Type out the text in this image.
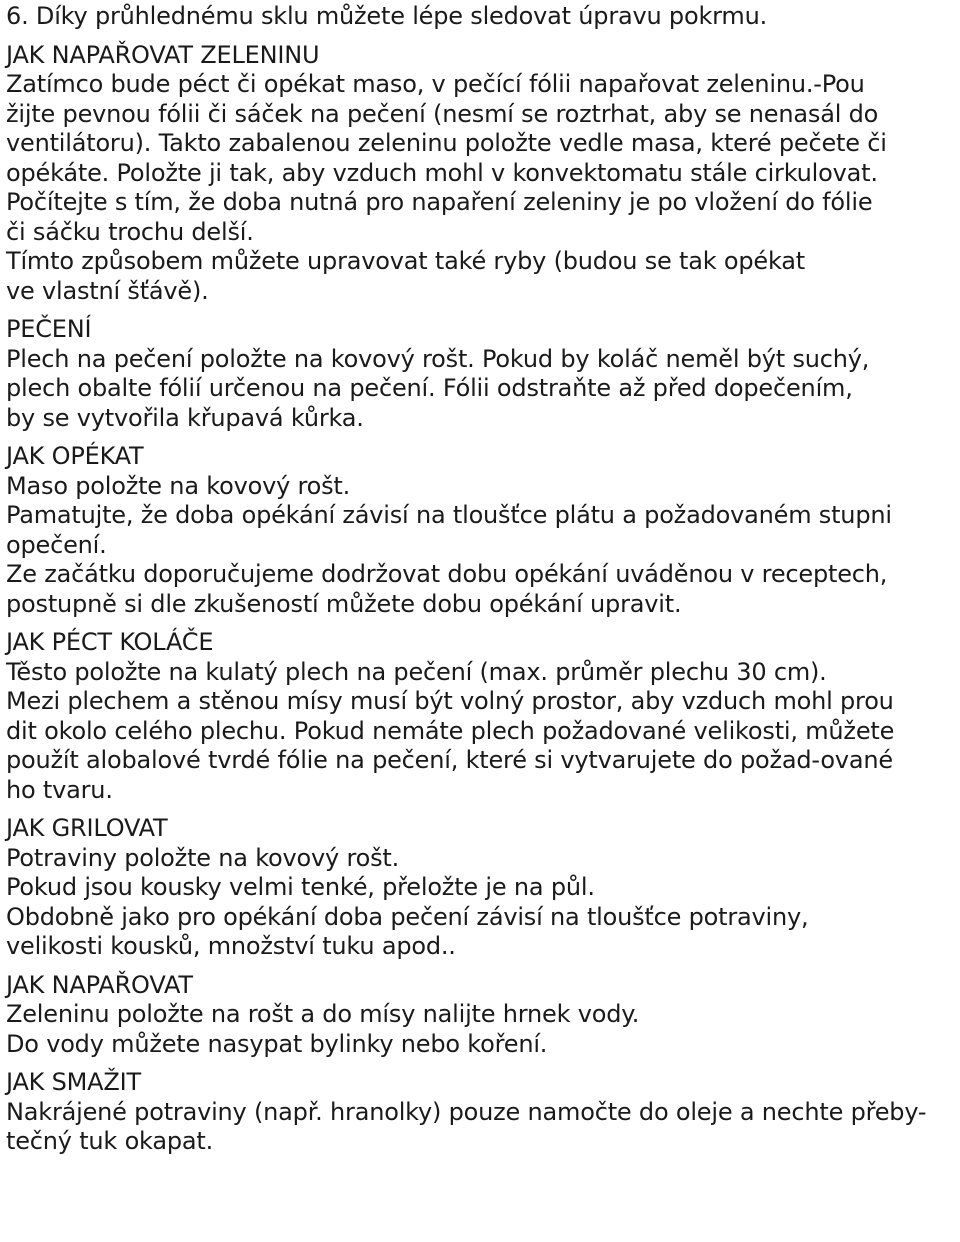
6. Díky průhlednému sklu můžete lépe sledovat úpravu pokrmu.
JAK NAPAŘOVAT ZELENINU
Zatímco bude péct či opékat maso, v pečící fólii napařovat zeleninu.-Pou
žijte pevnou fólii či sáček na pečení (nesmí se roztrhat, aby se nenasál do
ventilátoru). Takto zabalenou zeleninu položte vedle masa, které pečete či
opékáte. Položte ji tak, aby vzduch mohl v konvektomatu stále cirkulovat.
Počítejte s tím, že doba nutná pro napaření zeleniny je po vložení do fólie
či sáčku trochu delší.
Tímto způsobem můžete upravovat také ryby (budou se tak opékat
ve vlastní šťávě).
PEČENÍ
Plech na pečení položte na kovový rošt. Pokud by koláč neměl být suchý,
plech obalte fólií určenou na pečení. Fólii odstraňte až před dopečením,
by se vytvořila křupavá kůrka.
JAK OPÉKAT
Maso položte na kovový rošt.
Pamatujte, že doba opékání závisí na tloušťce plátu a požadovaném stupni
opečení.
Ze začátku doporučujeme dodržovat dobu opékání uváděnou v receptech,
postupně si dle zkušeností můžete dobu opékání upravit.
JAK PÉCT KOLÁČE
Těsto položte na kulatý plech na pečení (max. průměr plechu 30 cm).
Mezi plechem a stěnou mísy musí být volný prostor, aby vzduch mohl prou
dit okolo celého plechu. Pokud nemáte plech požadované velikosti, můžete
použít alobalové tvrdé fólie na pečení, které si vytvarujete do požad-ované
ho tvaru.
JAK GRILOVAT
Potraviny položte na kovový rošt.
Pokud jsou kousky velmi tenké, přeložte je na půl.
Obdobně jako pro opékání doba pečení závisí na tloušťce potraviny,
velikosti kousků, množství tuku apod..
JAK NAPAŘOVAT
Zeleninu položte na rošt a do mísy nalijte hrnek vody.
Do vody můžete nasypat bylinky nebo koření.
JAK SMAŽIT
Nakrájené potraviny (např. hranolky) pouze namočte do oleje a nechte přeby-
tečný tuk okapat.
